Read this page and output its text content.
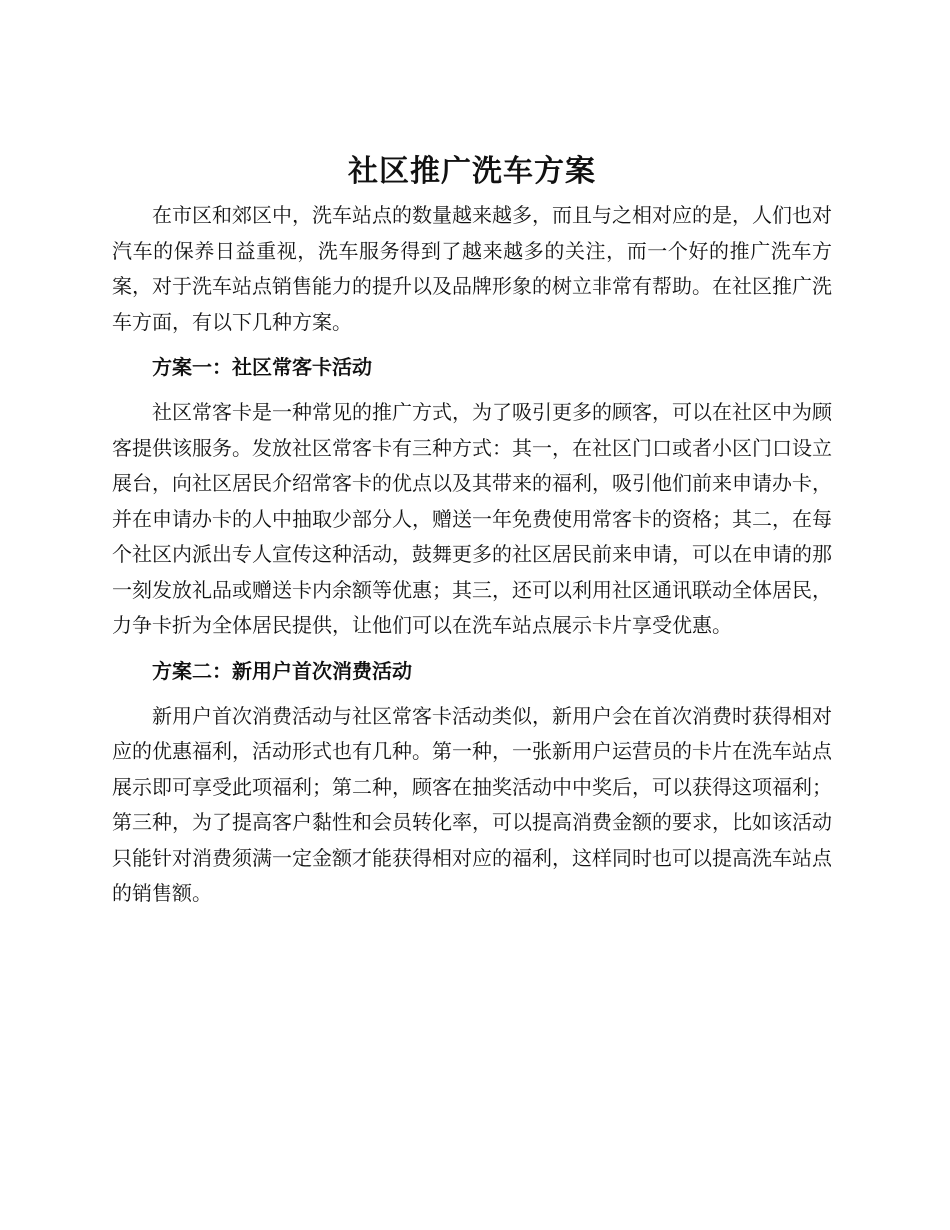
社区推广洗车方案

在市区和郊区中，洗车站点的数量越来越多，而且与之相对应的是，人们也对汽车的保养日益重视，洗车服务得到了越来越多的关注，而一个好的推广洗车方案，对于洗车站点销售能力的提升以及品牌形象的树立非常有帮助。在社区推广洗车方面，有以下几种方案。

方案一：社区常客卡活动

社区常客卡是一种常见的推广方式，为了吸引更多的顾客，可以在社区中为顾客提供该服务。发放社区常客卡有三种方式：其一，在社区门口或者小区门口设立展台，向社区居民介绍常客卡的优点以及其带来的福利，吸引他们前来申请办卡，并在申请办卡的人中抽取少部分人，赠送一年免费使用常客卡的资格；其二，在每个社区内派出专人宣传这种活动，鼓舞更多的社区居民前来申请，可以在申请的那一刻发放礼品或赠送卡内余额等优惠；其三，还可以利用社区通讯联动全体居民，力争卡折为全体居民提供，让他们可以在洗车站点展示卡片享受优惠。

方案二：新用户首次消费活动

新用户首次消费活动与社区常客卡活动类似，新用户会在首次消费时获得相对应的优惠福利，活动形式也有几种。第一种，一张新用户运营员的卡片在洗车站点展示即可享受此项福利；第二种，顾客在抽奖活动中中奖后，可以获得这项福利；第三种，为了提高客户黏性和会员转化率，可以提高消费金额的要求，比如该活动只能针对消费须满一定金额才能获得相对应的福利，这样同时也可以提高洗车站点的销售额。
